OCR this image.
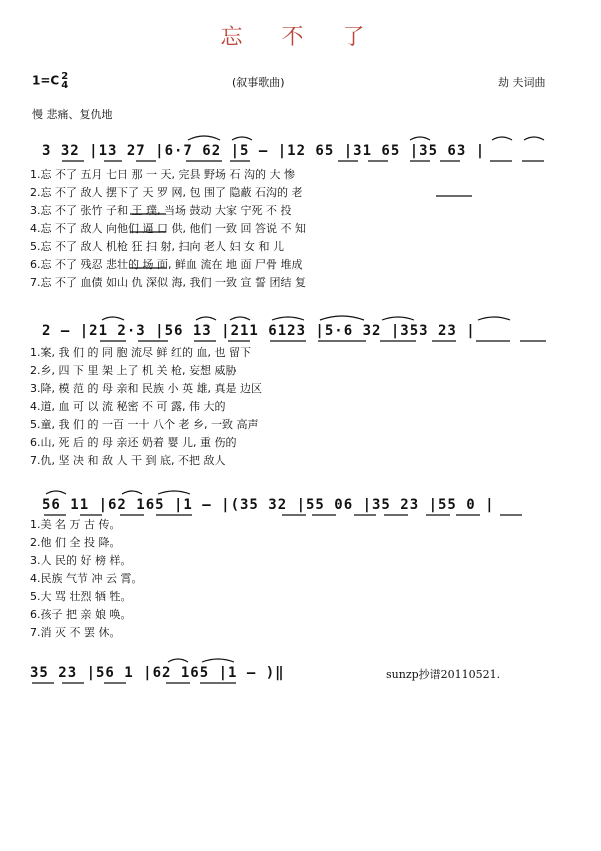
忘 不 了
1=C 2
4	(叙事歌曲)	劫 夫词曲
慢 悲痛、复仇地
3 32 |13 27 |6·7 62 |5 – |12 65 |31 65 |35 63 |
1.忘 不了 五月 七日 那 一 天, 完县 野场 石 沟的 大 惨
2.忘 不了 敌人 摆下了 天 罗 网, 包 围了 隐蔽 石沟的 老
3.忘 不了 张竹 子和 王 璞, 当场 鼓动 大家 宁死 不 投
4.忘 不了 敌人 向他们 逼 口 供, 他们 一致 回 答说 不 知
5.忘 不了 敌人 机枪 狂 扫 射, 扫向 老人 妇 女 和 儿
6.忘 不了 残忍 悲壮的 场 面, 鲜血 流在 地 面 尸骨 堆成
7.忘 不了 血债 如山 仇 深似 海, 我们 一致 宣 誓 团结 复
2 – |21 2·3 |56 13 |211 6123 |5·6 32 |353 23 |
1.案, 我 们 的 同 胞 流尽 鲜 红的 血, 也 留下
2.乡, 四 下 里 架 上了 机 关 枪, 妄想 威胁
3.降, 模 范 的 母 亲和 民族 小 英 雄, 真是 边区
4.道, 血 可 以 流 秘密 不 可 露, 伟 大的
5.童, 我 们 的 一百 一十 八个 老 乡, 一致 高声
6.山, 死 后 的 母 亲还 奶着 婴 儿, 重 伤的
7.仇, 坚 决 和 敌 人 干 到 底, 不把 敌人
56 11 |62 165 |1 – |(35 32 |55 06 |35 23 |55 0 |
1.美 名 万 古 传。
2.他 们 全 投 降。
3.人 民的 好 榜 样。
4.民族 气节 冲 云 霄。
5.大 骂 壮烈 牺 牲。
6.孩子 把 亲 娘 唤。
7.消 灭 不 罢 休。
35 23 |56 1 |62 165 |1 – )‖	sunzp抄谱20110521.
